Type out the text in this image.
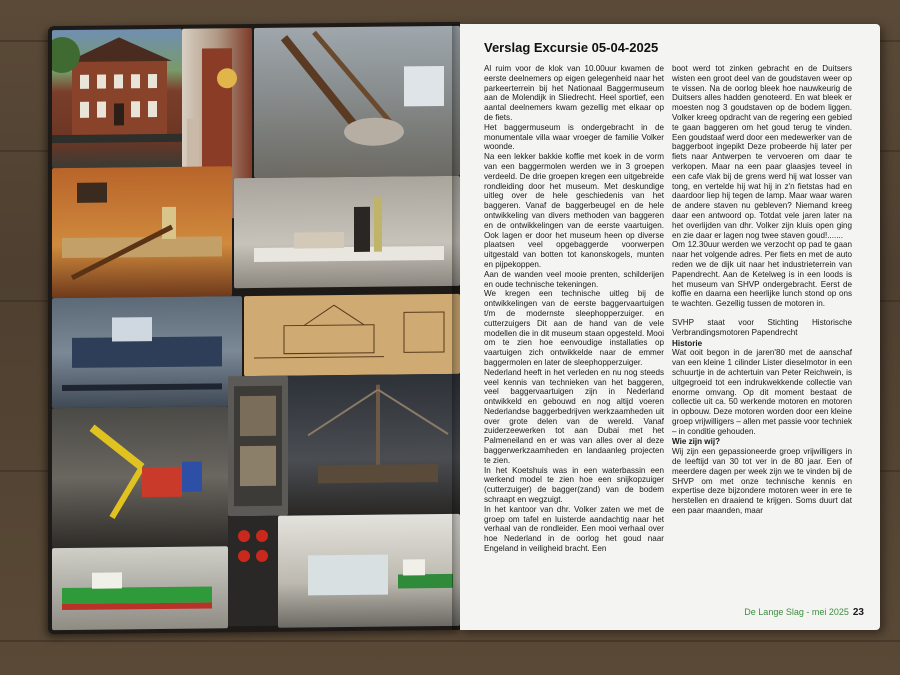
Verslag Excursie 05-04-2025

Al ruim voor de klok van 10.00uur kwamen de eerste deelnemers op eigen gelegenheid naar het parkeerterrein bij het Nationaal Baggermuseum aan de Molendijk in Sliedrecht. Heel sportief, een aantal deelnemers kwam gezellig met elkaar op de fiets.

Het baggermuseum is ondergebracht in de monumentale villa waar vroeger de familie Volker woonde.

Na een lekker bakkie koffie met koek in de vorm van een baggermolen werden we in 3 groepen verdeeld. De drie groepen kregen een uitgebreide rondleiding door het museum. Met deskundige uitleg over de hele geschiedenis van het baggeren. Vanaf de baggerbeugel en de hele ontwikkeling van divers methoden van baggeren en de ontwikkelingen van de eerste vaartuigen. Ook lagen er door het museum heen op diverse plaatsen veel opgebaggerde voorwerpen uitgestald van botten tot kanonskogels, munten en pijpekoppen.

Aan de wanden veel mooie prenten, schilderijen en oude technische tekeningen.

We kregen een technische uitleg bij de ontwikkelingen van de eerste baggervaartuigen t/m de modernste sleephopperzuiger. en cutterzuigers Dit aan de hand van de vele modellen die in dit museum staan opgesteld. Mooi om te zien hoe eenvoudige installaties op vaartuigen zich ontwikkelde naar de emmer baggermolen en later de sleephopperzuiger.

Nederland heeft in het verleden en nu nog steeds veel kennis van technieken van het baggeren, veel baggervaartuigen zijn in Nederland ontwikkeld en gebouwd en nog altijd voeren Nederlandse baggerbedrijven werkzaamheden uit over grote delen van de wereld. Vanaf zuiderzeewerken tot aan Dubai met het Palmeneiland en er was van alles over al deze baggerwerkzaamheden en landaanleg projecten te zien.

In het Koetshuis was in een waterbassin een werkend model te zien hoe een snijkopzuiger (cutterzuiger) de bagger(zand) van de bodem schraapt en wegzuigt.

In het kantoor van dhr. Volker zaten we met de groep om tafel en luisterde aandachtig naar het verhaal van de rondleider. Een mooi verhaal over hoe Nederland in de oorlog het goud naar Engeland in veiligheid bracht. Een

boot werd tot zinken gebracht en de Duitsers wisten een groot deel van de goudstaven weer op te vissen. Na de oorlog bleek hoe nauwkeurig de Duitsers alles hadden genoteerd. En wat bleek er moesten nog 3 goudstaven op de bodem liggen. Volker kreeg opdracht van de regering een gebied te gaan baggeren om het goud terug te vinden. Een goudstaaf werd door een medewerker van de baggerboot ingepikt Deze probeerde hij later per fiets naar Antwerpen te vervoeren om daar te verkopen. Maar na een paar glaasjes teveel in een cafe vlak bij de grens werd hij wat losser van tong, en vertelde hij wat hij in z'n fietstas had en daardoor liep hij tegen de lamp. Maar waar waren de andere staven nu gebleven? Niemand kreeg daar een antwoord op. Totdat vele jaren later na het overlijden van dhr. Volker zijn kluis open ging en zie daar er lagen nog twee staven goud!.......

Om 12.30uur werden we verzocht op pad te gaan naar het volgende adres. Per fiets en met de auto reden we de dijk uit naar het industrieterrein van Papendrecht. Aan de Ketelweg is in een loods is het museum van SHVP ondergebracht. Eerst de koffie en daarna een heerlijke lunch stond op ons te wachten. Gezellig tussen de motoren in.

SVHP staat voor Stichting Historische Verbrandingsmotoren Papendrecht

Historie

Wat ooit begon in de jaren'80 met de aanschaf van een kleine 1 cilinder Lister dieselmotor in een schuurtje in de achtertuin van Peter Reichwein, is uitgegroeid tot een indrukwekkende collectie van enorme omvang. Op dit moment bestaat de collectie uit ca. 50 werkende motoren en motoren in opbouw. Deze motoren worden door een kleine groep vrijwilligers – allen met passie voor techniek – in conditie gehouden.

Wie zijn wij?

Wij zijn een gepassioneerde groep vrijwilligers in de leeftijd van 30 tot ver in de 80 jaar. Een of meerdere dagen per week zijn we te vinden bij de SHVP om met onze technische kennis en expertise deze bijzondere motoren weer in ere te herstellen en draaiend te krijgen. Soms duurt dat een paar maanden, maar

De Lange Slag - mei 2025 23
